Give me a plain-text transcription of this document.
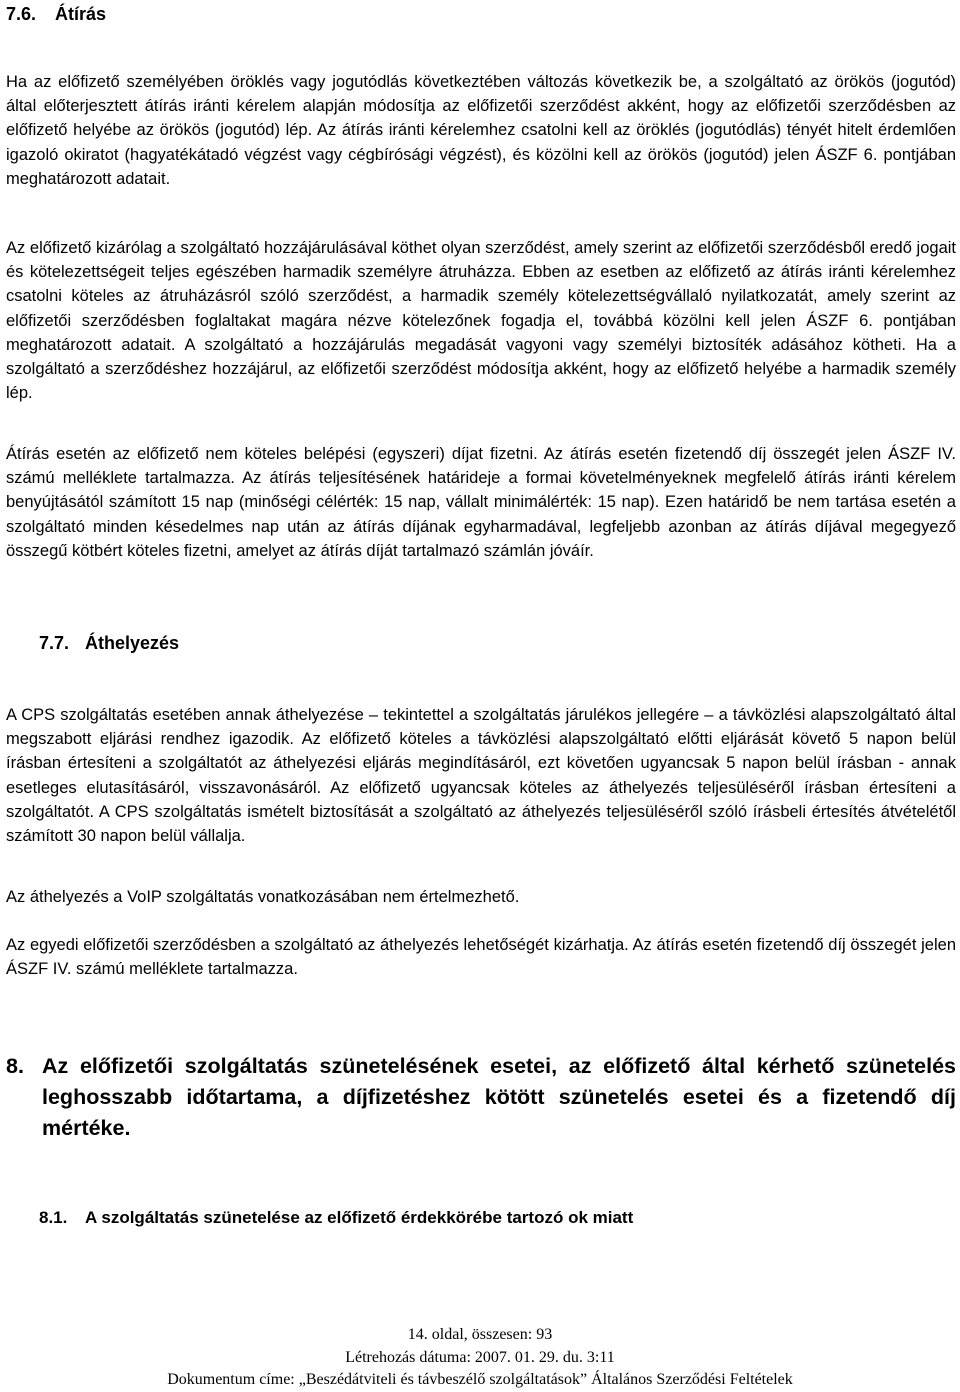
7.6. Átírás

Ha az előfizető személyében öröklés vagy jogutódlás következtében változás következik be, a szolgáltató az örökös (jogutód) által előterjesztett átírás iránti kérelem alapján módosítja az előfizetői szerződést akként, hogy az előfizetői szerződésben az előfizető helyébe az örökös (jogutód) lép. Az átírás iránti kérelemhez csatolni kell az öröklés (jogutódlás) tényét hitelt érdemlően igazoló okiratot (hagyatékátadó végzést vagy cégbírósági végzést), és közölni kell az örökös (jogutód) jelen ÁSZF 6. pontjában meghatározott adatait.

Az előfizető kizárólag a szolgáltató hozzájárulásával köthet olyan szerződést, amely szerint az előfizetői szerződésből eredő jogait és kötelezettségeit teljes egészében harmadik személyre átruházza. Ebben az esetben az előfizető az átírás iránti kérelemhez csatolni köteles az átruházásról szóló szerződést, a harmadik személy kötelezettségvállaló nyilatkozatát, amely szerint az előfizetői szerződésben foglaltakat magára nézve kötelezőnek fogadja el, továbbá közölni kell jelen ÁSZF 6. pontjában meghatározott adatait. A szolgáltató a hozzájárulás megadását vagyoni vagy személyi biztosíték adásához kötheti. Ha a szolgáltató a szerződéshez hozzájárul, az előfizetői szerződést módosítja akként, hogy az előfizető helyébe a harmadik személy lép.

Átírás esetén az előfizető nem köteles belépési (egyszeri) díjat fizetni. Az átírás esetén fizetendő díj összegét jelen ÁSZF IV. számú melléklete tartalmazza. Az átírás teljesítésének határideje a formai követelményeknek megfelelő átírás iránti kérelem benyújtásától számított 15 nap (minőségi célérték: 15 nap, vállalt minimálérték: 15 nap). Ezen határidő be nem tartása esetén a szolgáltató minden késedelmes nap után az átírás díjának egyharmadával, legfeljebb azonban az átírás díjával megegyező összegű kötbért köteles fizetni, amelyet az átírás díját tartalmazó számlán jóváír.

7.7. Áthelyezés

A CPS szolgáltatás esetében annak áthelyezése – tekintettel a szolgáltatás járulékos jellegére – a távközlési alapszolgáltató által megszabott eljárási rendhez igazodik. Az előfizető köteles a távközlési alapszolgáltató előtti eljárását követő 5 napon belül írásban értesíteni a szolgáltatót az áthelyezési eljárás megindításáról, ezt követően ugyancsak 5 napon belül írásban - annak esetleges elutasításáról, visszavonásáról. Az előfizető ugyancsak köteles az áthelyezés teljesüléséről írásban értesíteni a szolgáltatót. A CPS szolgáltatás ismételt biztosítását a szolgáltató az áthelyezés teljesüléséről szóló írásbeli értesítés átvételétől számított 30 napon belül vállalja.

Az áthelyezés a VoIP szolgáltatás vonatkozásában nem értelmezhető.

Az egyedi előfizetői szerződésben a szolgáltató az áthelyezés lehetőségét kizárhatja. Az átírás esetén fizetendő díj összegét jelen ÁSZF IV. számú melléklete tartalmazza.

8. Az előfizetői szolgáltatás szünetelésének esetei, az előfizető által kérhető szünetelés leghosszabb időtartama, a díjfizetéshez kötött szünetelés esetei és a fizetendő díj mértéke.
8.1. A szolgáltatás szünetelése az előfizető érdekkörébe tartozó ok miatt
14. oldal, összesen: 93
Létrehozás dátuma: 2007. 01. 29. du. 3:11
Dokumentum címe: „Beszédátviteli és távbeszélő szolgáltatások” Általános Szerződési Feltételek
